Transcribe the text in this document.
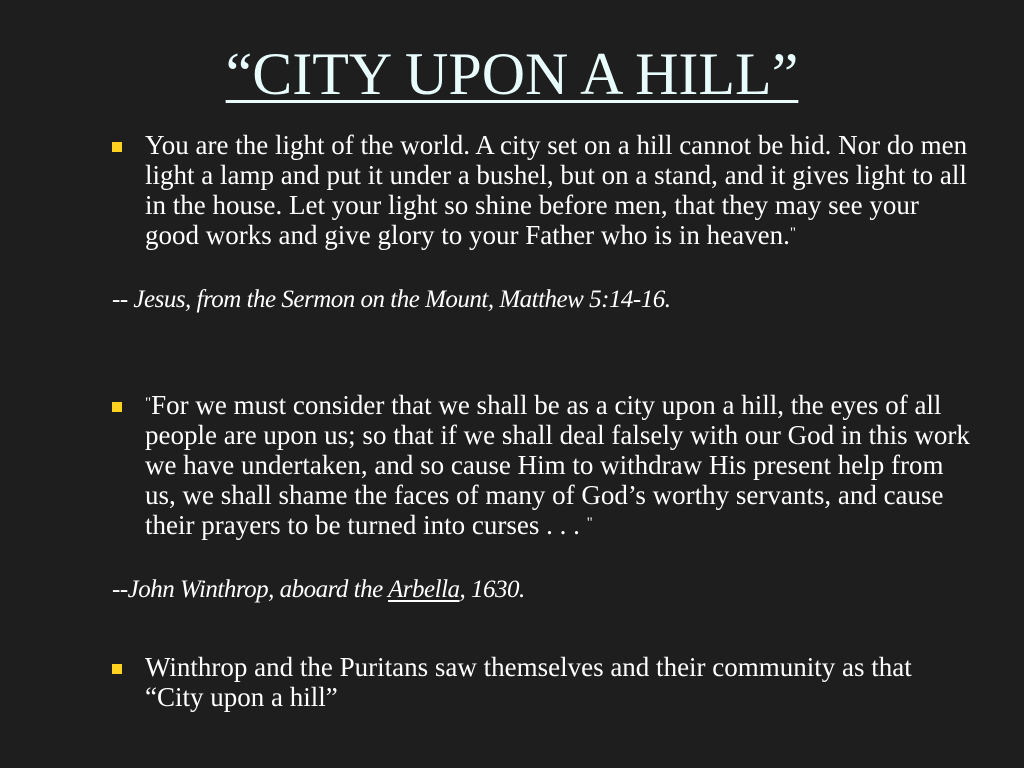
“CITY UPON A HILL”
You are the light of the world. A city set on a hill cannot be hid. Nor do men light a lamp and put it under a bushel, but on a stand, and it gives light to all in the house. Let your light so shine before men, that they may see your good works and give glory to your Father who is in heaven."
-- Jesus, from the Sermon on the Mount, Matthew 5:14-16.
"For we must consider that we shall be as a city upon a hill, the eyes of all people are upon us; so that if we shall deal falsely with our God in this work we have undertaken, and so cause Him to withdraw His present help from us, we shall shame the faces of many of God’s worthy servants, and cause their prayers to be turned into curses . . . "
--John Winthrop, aboard the Arbella, 1630.
Winthrop and the Puritans saw themselves and their community as that “City upon a hill”
